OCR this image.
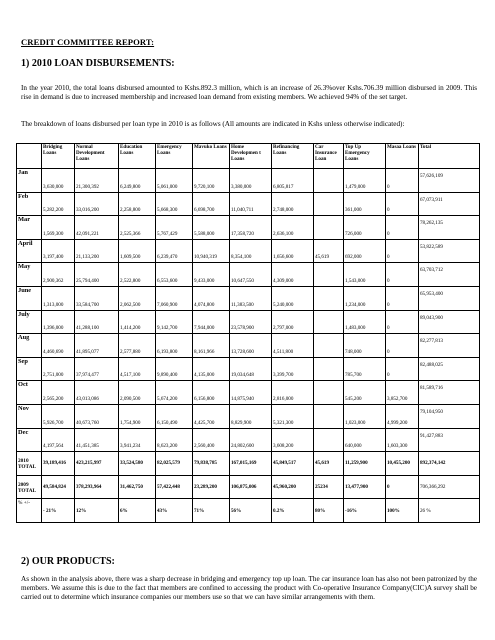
CREDIT COMMITTEE REPORT:
1) 2010 LOAN DISBURSEMENTS:
In the year 2010, the total loans disbursed amounted to Kshs.892.3 million, which is an increase of 26.3%over Kshs.706.39 million disbursed in 2009. This rise in demand is due to increased membership and increased loan demand from existing members. We achieved 94% of the set target.
The breakdown of loans disbursed per loan type in 2010 is as follows (All amounts are indicated in Kshs unless otherwise indicated):
	Bridging Loans	Normal Development Loans	Education Loans	Emergency Loans	Mavuko Loans	Home Developmen t Loans	Refinancing Loans	Car Insurance Loan	Top Up Emergency Loans	Masaa Loans	Total
Jan	3,630,000	21,300,392	6,249,800	5,061,000	9,720,100	3,380,000	6,805,817		1,479,000	0	57,626,109
Feb	5,282,200	33,016,200	2,258,800	5,668,300	6,698,700	11,040,711	2,748,000		361,000	0	67,073,911
Mar	1,569,300	42,091,221	2,525,366	5,767,429	5,588,000	17,358,720	2,636,100		726,000	0	78,262,135
April	3,197,400	21,133,200	1,609,500	6,239,470	10,940,319	8,354,100	1,656,600	45,619	692,000	0	53,822,589
May	2,900,362	25,794,400	2,522,800	6,553,600	9,433,000	10,647,550	4,309,000		1,543,000	0	63,703,712
June	1,313,000	33,584,700	2,062,500	7,060,900	4,074,800	11,383,500	5,240,000		1,234,000	0	65,953,400
July	1,396,000	41,288,100	1,414,200	9,142,700	7,944,000	23,578,900	2,797,000		1,483,000	0	89,043,900
Aug	4,460,690	41,895,077	2,577,880	6,193,800	8,161,966	13,728,600	4,511,800		748,000	0	82,277,813
Sep	2,751,000	37,974,477	4,517,100	9,890,400	4,135,000	19,034,648	3,399,700		785,700	0	82,488,025
Oct	2,565,200	43,013,086	2,090,500	5,674,200	6,156,800	14,875,940	2,816,000		545,200	3,852,700	81,589,716
Nov	5,926,700	40,673,760	1,754,900	6,150,490	4,425,700	8,829,900	5,321,300		1,023,000	4,999,200	79,104,950
Dec	4,197,564	41,451,385	3,941,234	8,623,200	2,560,400	24,802,600	3,608,200		640,000	1,603,300	91,427,883
2010
TOTAL	39,189,416	423,215,997	33,524,580	82,025,579	79,838,785	167,015,169	45,849,517	45,619	11,259,900	10,455,200	892,374,142
2009
TOTAL	49,584,824	378,293,964	31,462,750	57,422,448	23,289,200	106,875,006	45,960,200	25234	13,477,900	0	706,366,292
% +/-	- 21%	12%	6%	43%	71%	56%	0.2%	80%	-16%	100%	26 %
2) OUR PRODUCTS:
As shown in the analysis above, there was a sharp decrease in bridging and emergency top up loan. The car insurance loan has also not been patronized by the members. We assume this is due to the fact that members are confined to accessing the product with Co-operative Insurance Company(CIC)A survey shall be carried out to determine which insurance companies our members use so that we can have similar arrangements with them.
